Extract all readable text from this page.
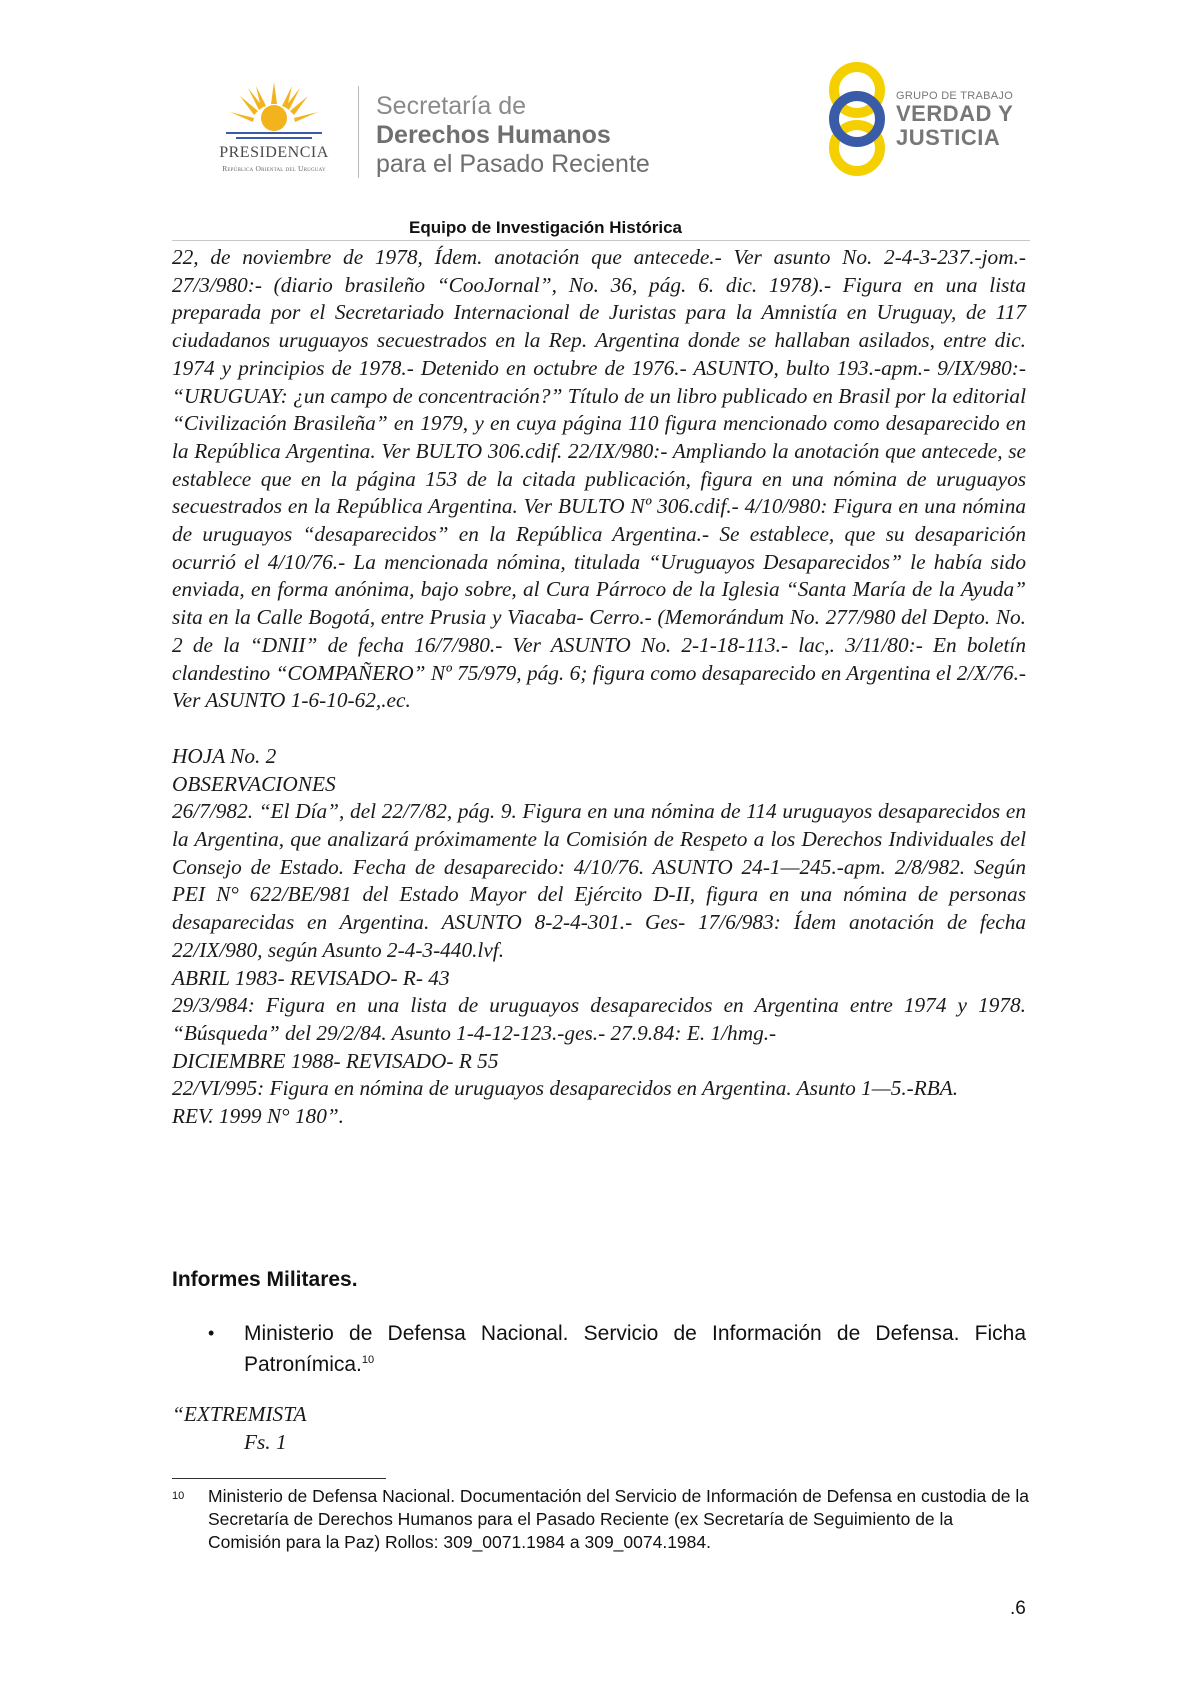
PRESIDENCIA
República Oriental del Uruguay
Secretaría de
Derechos Humanos
para el Pasado Reciente
GRUPO DE TRABAJO
VERDAD Y
JUSTICIA
Equipo de Investigación Histórica

22, de noviembre de 1978, Ídem. anotación que antecede.- Ver asunto No. 2-4-3-237.-jom.- 27/3/980:- (diario brasileño “CooJornal”, No. 36, pág. 6. dic. 1978).- Figura en una lista preparada por el Secretariado Internacional de Juristas para la Amnistía en Uruguay, de 117 ciudadanos uruguayos secuestrados en la Rep. Argentina donde se hallaban asilados, entre dic. 1974 y principios de 1978.- Detenido en octubre de 1976.- ASUNTO, bulto 193.-apm.- 9/IX/980:- “URUGUAY: ¿un campo de concentración?” Título de un libro publicado en Brasil por la editorial “Civilización Brasileña” en 1979, y en cuya página 110 figura mencionado como desaparecido en la República Argentina. Ver BULTO 306.cdif. 22/IX/980:- Ampliando la anotación que antecede, se establece que en la página 153 de la citada publicación, figura en una nómina de uruguayos secuestrados en la República Argentina. Ver BULTO Nº 306.cdif.- 4/10/980: Figura en una nómina de uruguayos “desaparecidos” en la República Argentina.- Se establece, que su desaparición ocurrió el 4/10/76.- La mencionada nómina, titulada “Uruguayos Desaparecidos” le había sido enviada, en forma anónima, bajo sobre, al Cura Párroco de la Iglesia “Santa María de la Ayuda” sita en la Calle Bogotá, entre Prusia y Viacaba- Cerro.- (Memorándum No. 277/980 del Depto. No. 2 de la “DNII” de fecha 16/7/980.- Ver ASUNTO No. 2-1-18-113.- lac,. 3/11/80:- En boletín clandestino “COMPAÑERO” Nº 75/979, pág. 6; figura como desaparecido en Argentina el 2/X/76.- Ver ASUNTO 1-6-10-62,.ec.

HOJA No. 2

OBSERVACIONES

26/7/982. “El Día”, del 22/7/82, pág. 9. Figura en una nómina de 114 uruguayos desaparecidos en la Argentina, que analizará próximamente la Comisión de Respeto a los Derechos Individuales del Consejo de Estado. Fecha de desaparecido: 4/10/76. ASUNTO 24-1—245.-apm. 2/8/982. Según PEI N° 622/BE/981 del Estado Mayor del Ejército D-II, figura en una nómina de personas desaparecidas en Argentina. ASUNTO 8-2-4-301.- Ges- 17/6/983: Ídem anotación de fecha 22/IX/980, según Asunto 2-4-3-440.lvf.

ABRIL 1983- REVISADO- R- 43

29/3/984: Figura en una lista de uruguayos desaparecidos en Argentina entre 1974 y 1978. “Búsqueda” del 29/2/84. Asunto 1-4-12-123.-ges.- 27.9.84: E. 1/hmg.-

DICIEMBRE 1988- REVISADO- R 55

22/VI/995: Figura en nómina de uruguayos desaparecidos en Argentina. Asunto 1—5.-RBA.

REV. 1999 N° 180”.

Informes Militares.
• Ministerio de Defensa Nacional. Servicio de Información de Defensa. Ficha Patronímica.$^{10}$
“EXTREMISTA
Fs. 1
10 Ministerio de Defensa Nacional. Documentación del Servicio de Información de Defensa en custodia de la Secretaría de Derechos Humanos para el Pasado Reciente (ex Secretaría de Seguimiento de la Comisión para la Paz) Rollos: 309_0071.1984 a 309_0074.1984.
.6
